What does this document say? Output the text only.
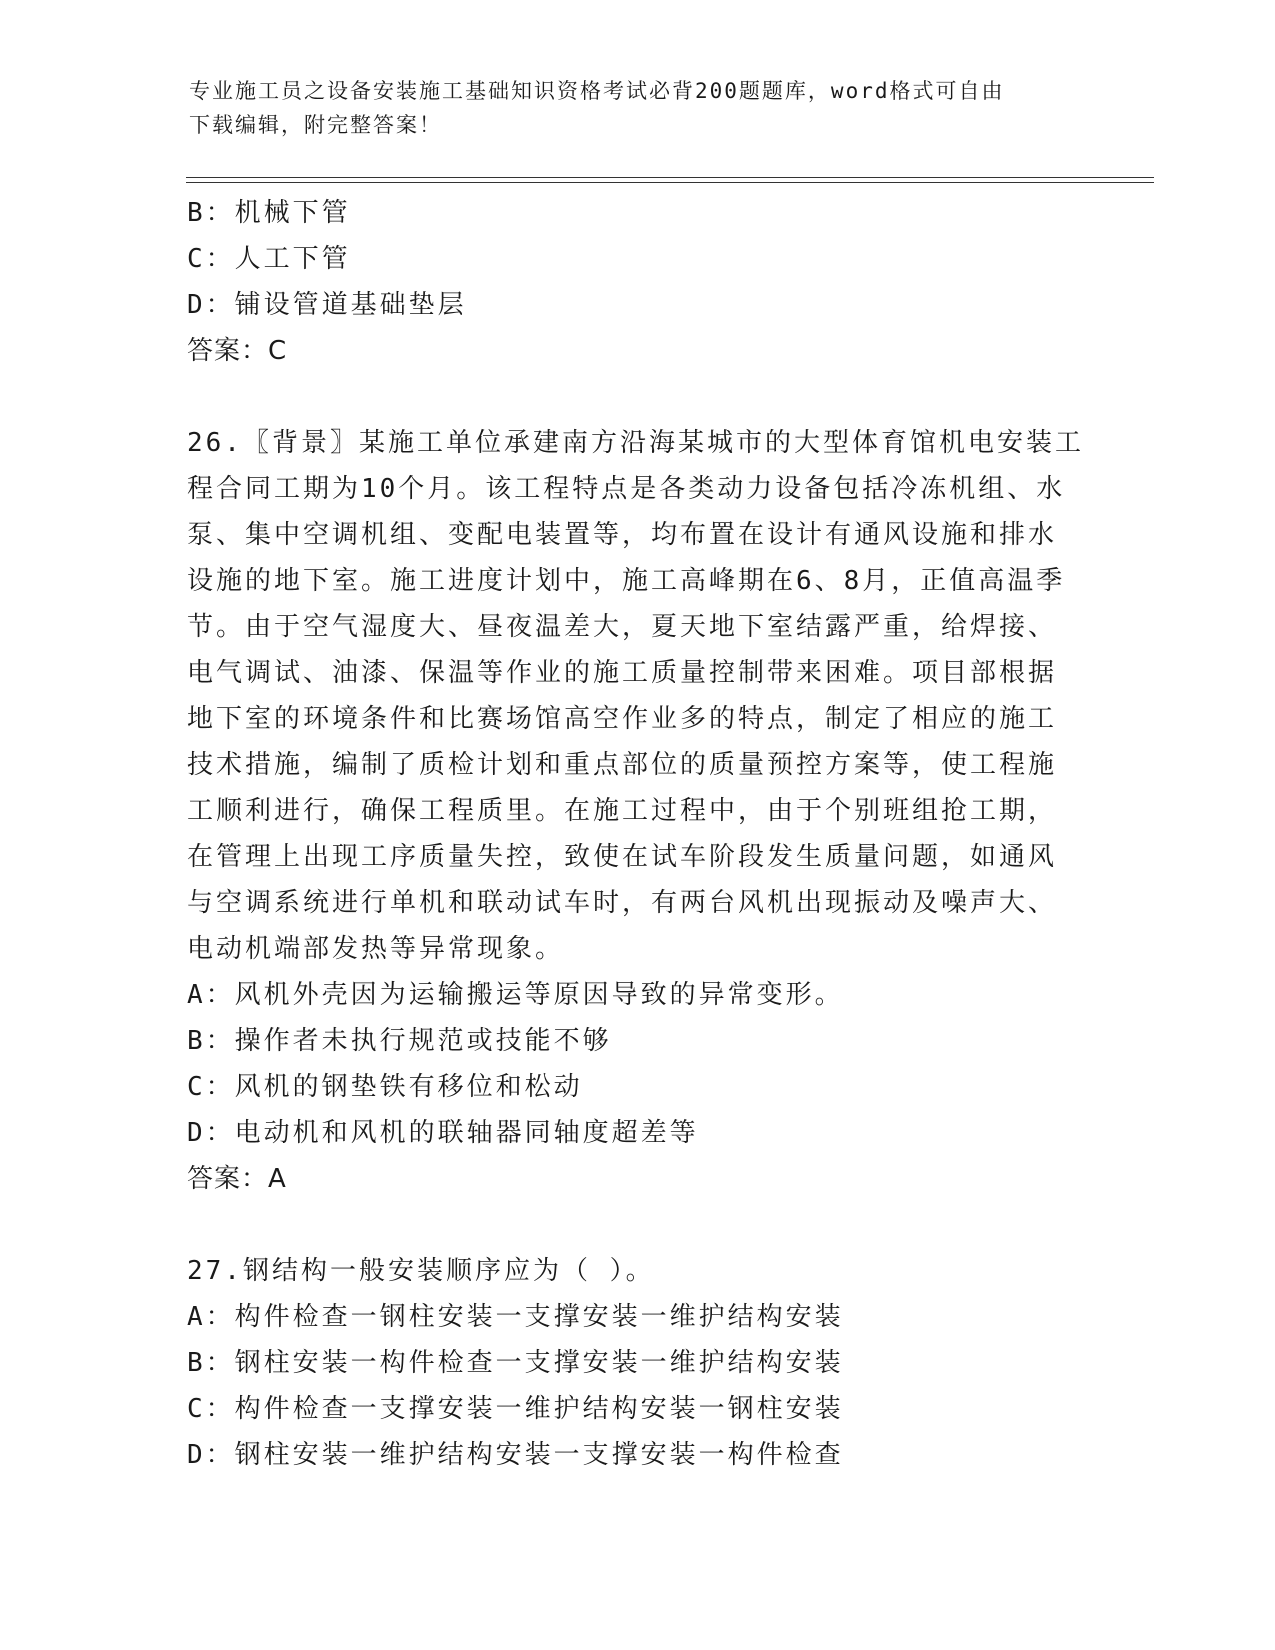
专业施工员之设备安装施工基础知识资格考试必背200题题库，word格式可自由
下载编辑，附完整答案！
B：机械下管
C：人工下管
D：铺设管道基础垫层
答案：C
26.〖背景〗某施工单位承建南方沿海某城市的大型体育馆机电安装工
程合同工期为10个月。该工程特点是各类动力设备包括冷冻机组、水
泵、集中空调机组、变配电装置等，均布置在设计有通风设施和排水
设施的地下室。施工进度计划中，施工高峰期在6、8月，正值高温季
节。由于空气湿度大、昼夜温差大，夏天地下室结露严重，给焊接、
电气调试、油漆、保温等作业的施工质量控制带来困难。项目部根据
地下室的环境条件和比赛场馆高空作业多的特点，制定了相应的施工
技术措施，编制了质检计划和重点部位的质量预控方案等，使工程施
工顺利进行，确保工程质里。在施工过程中，由于个别班组抢工期，
在管理上出现工序质量失控，致使在试车阶段发生质量问题，如通风
与空调系统进行单机和联动试车时，有两台风机出现振动及噪声大、
电动机端部发热等异常现象。
A：风机外壳因为运输搬运等原因导致的异常变形。
B：操作者未执行规范或技能不够
C：风机的钢垫铁有移位和松动
D：电动机和风机的联轴器同轴度超差等
答案：A
27.钢结构一般安装顺序应为（ ）。
A：构件检查一钢柱安装一支撑安装一维护结构安装
B：钢柱安装一构件检查一支撑安装一维护结构安装
C：构件检查一支撑安装一维护结构安装一钢柱安装
D：钢柱安装一维护结构安装一支撑安装一构件检查
